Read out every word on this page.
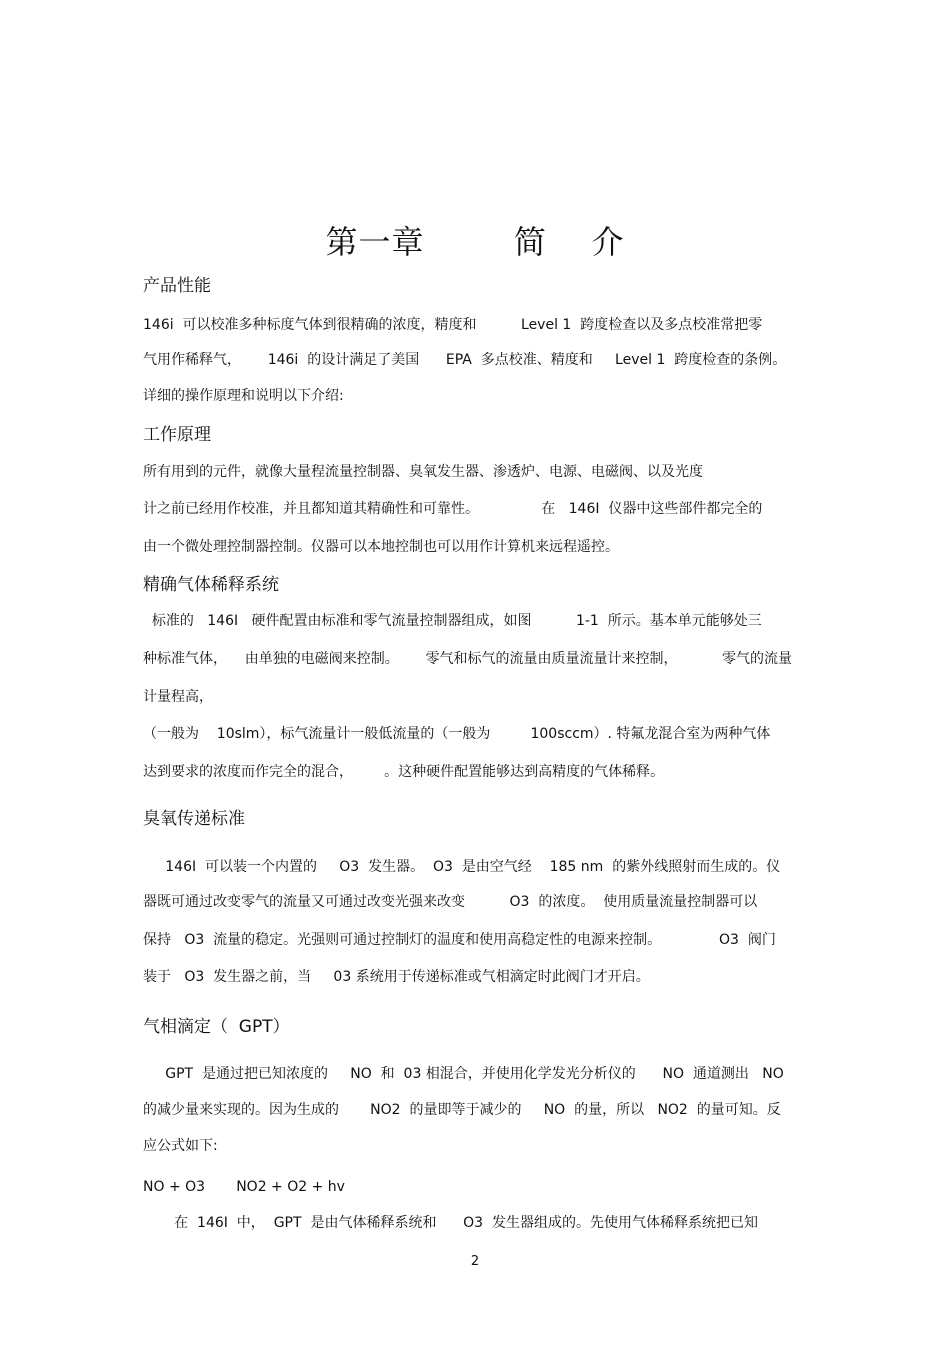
第一章        简    介
产品性能
146i  可以校准多种标度气体到很精确的浓度，精度和          Level 1  跨度检查以及多点校准常把零
气用作稀释气，      146i  的设计满足了美国      EPA  多点校准、精度和     Level 1  跨度检查的条例。
详细的操作原理和说明以下介绍:
工作原理
所有用到的元件，就像大量程流量控制器、臭氧发生器、渗透炉、电源、电磁阀、以及光度
计之前已经用作校准，并且都知道其精确性和可靠性。              在   146I  仪器中这些部件都完全的
由一个微处理控制器控制。仪器可以本地控制也可以用作计算机来远程遥控。
精确气体稀释系统
标准的   146I   硬件配置由标准和零气流量控制器组成，如图          1-1  所示。基本单元能够处三
种标准气体，    由单独的电磁阀来控制。      零气和标气的流量由质量流量计来控制，          零气的流量
计量程高，
（一般为    10slm），标气流量计一般低流量的（一般为         100sccm）. 特氟龙混合室为两种气体
达到要求的浓度而作完全的混合，       。这种硬件配置能够达到高精度的气体稀释。
臭氧传递标准
146I  可以装一个内置的     O3  发生器。  O3  是由空气经    185 nm  的紫外线照射而生成的。仪
器既可通过改变零气的流量又可通过改变光强来改变          O3  的浓度。  使用质量流量控制器可以
保持   O3  流量的稳定。光强则可通过控制灯的温度和使用高稳定性的电源来控制。             O3  阀门
装于   O3  发生器之前，当     03 系统用于传递标准或气相滴定时此阀门才开启。
气相滴定（  GPT）
GPT  是通过把已知浓度的     NO  和  03 相混合，并使用化学发光分析仪的      NO  通道测出   NO
的减少量来实现的。因为生成的       NO2  的量即等于减少的     NO  的量，所以   NO2  的量可知。反
应公式如下:
NO + O3       NO2 + O2 + hv
在  146I  中，  GPT  是由气体稀释系统和      O3  发生器组成的。先使用气体稀释系统把已知
2
